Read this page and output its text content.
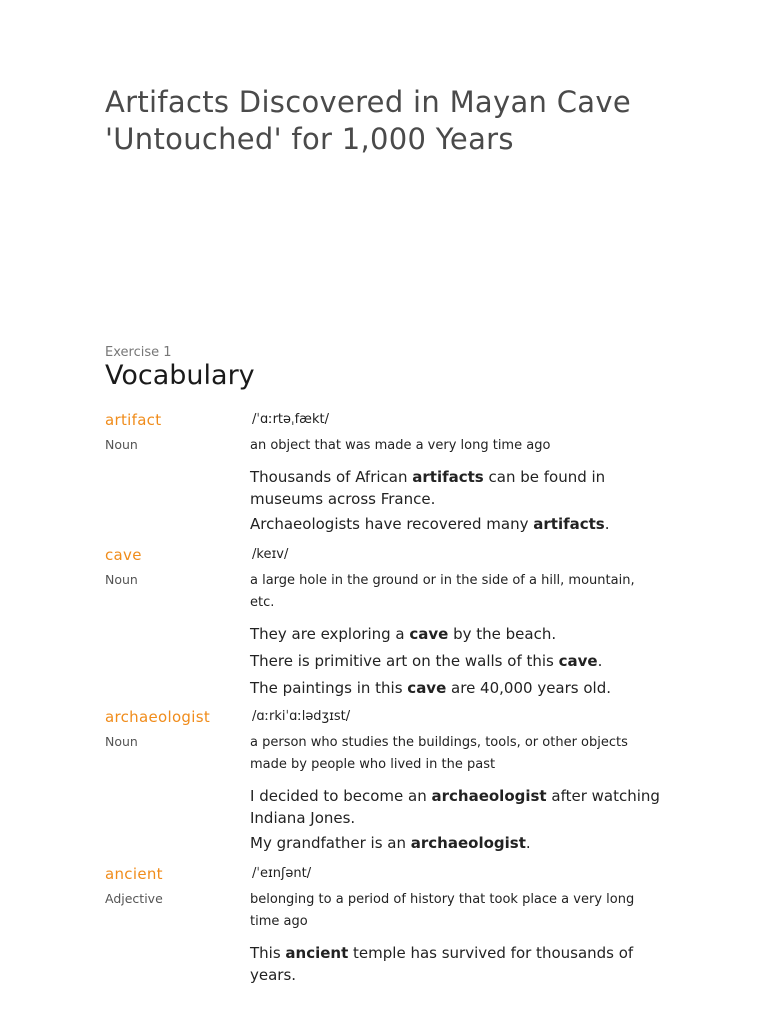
Artifacts Discovered in Mayan Cave 'Untouched' for 1,000 Years
Exercise 1
Vocabulary
artifact	/ˈɑːrtəˌfækt/
Noun	an object that was made a very long time ago

Thousands of African artifacts can be found in museums across France.

Archaeologists have recovered many artifacts.

cave	/keɪv/
Noun	a large hole in the ground or in the side of a hill, mountain, etc.

They are exploring a cave by the beach.

There is primitive art on the walls of this cave.

The paintings in this cave are 40,000 years old.

archaeologist	/ɑːrkiˈɑːlədʒɪst/
Noun	a person who studies the buildings, tools, or other objects made by people who lived in the past

I decided to become an archaeologist after watching Indiana Jones.

My grandfather is an archaeologist.

ancient	/ˈeɪnʃənt/
Adjective	belonging to a period of history that took place a very long time ago

This ancient temple has survived for thousands of years.
